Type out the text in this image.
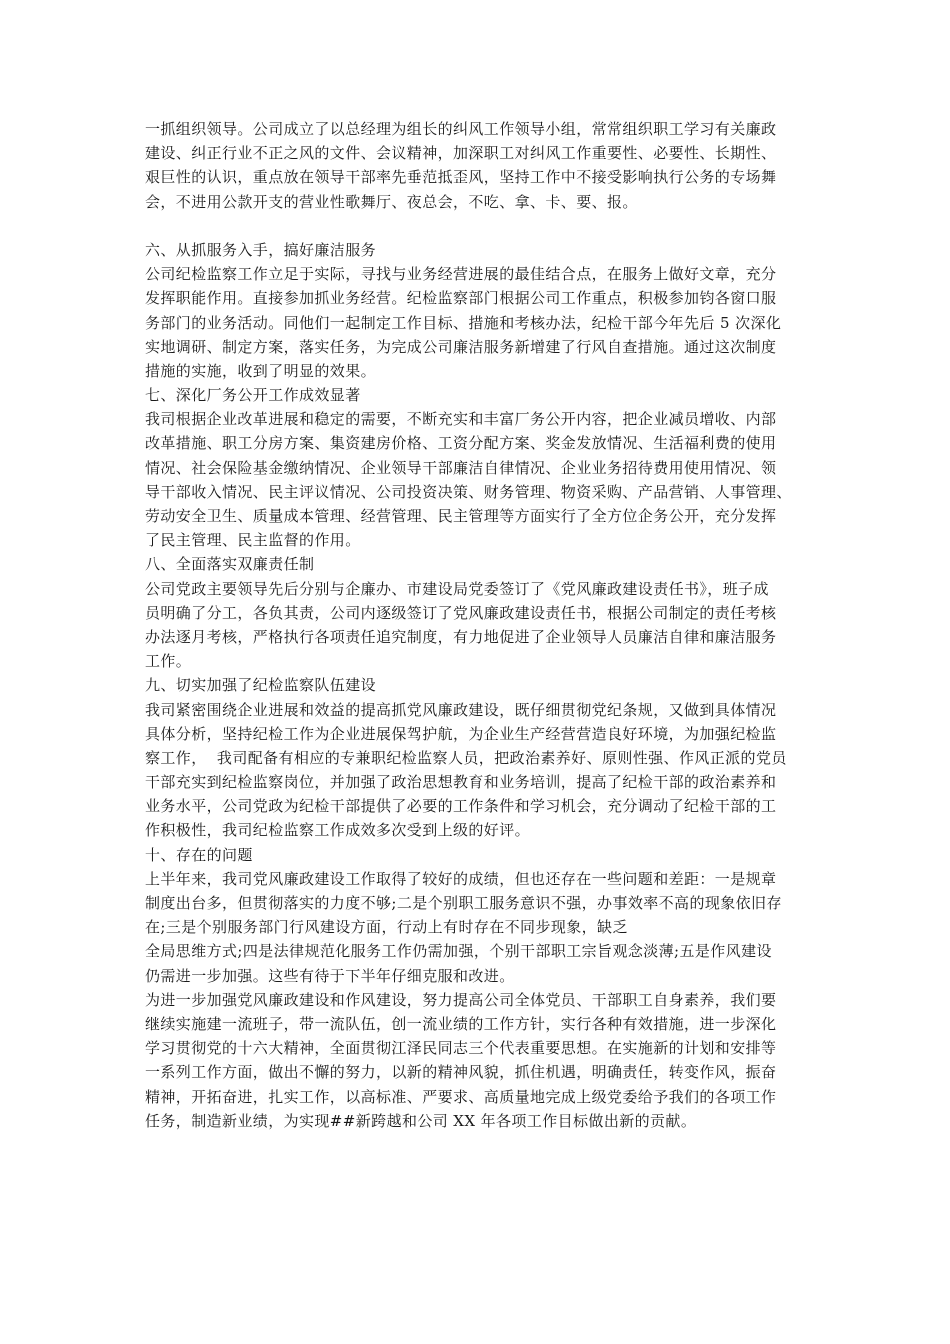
一抓组织领导。公司成立了以总经理为组长的纠风工作领导小组，常常组织职工学习有关廉政
建设、纠正行业不正之风的文件、会议精神，加深职工对纠风工作重要性、必要性、长期性、
艰巨性的认识，重点放在领导干部率先垂范抵歪风，坚持工作中不接受影响执行公务的专场舞
会，不进用公款开支的营业性歌舞厅、夜总会，不吃、拿、卡、要、报。
六、从抓服务入手，搞好廉洁服务
公司纪检监察工作立足于实际，寻找与业务经营进展的最佳结合点，在服务上做好文章，充分
发挥职能作用。直接参加抓业务经营。纪检监察部门根据公司工作重点，积极参加钧各窗口服
务部门的业务活动。同他们一起制定工作目标、措施和考核办法，纪检干部今年先后 5 次深化
实地调研、制定方案，落实任务，为完成公司廉洁服务新增建了行风自查措施。通过这次制度
措施的实施，收到了明显的效果。
七、深化厂务公开工作成效显著
我司根据企业改革进展和稳定的需要，不断充实和丰富厂务公开内容，把企业减员增收、内部
改革措施、职工分房方案、集资建房价格、工资分配方案、奖金发放情况、生活福利费的使用
情况、社会保险基金缴纳情况、企业领导干部廉洁自律情况、企业业务招待费用使用情况、领
导干部收入情况、民主评议情况、公司投资决策、财务管理、物资采购、产品营销、人事管理、
劳动安全卫生、质量成本管理、经营管理、民主管理等方面实行了全方位企务公开，充分发挥
了民主管理、民主监督的作用。
八、全面落实双廉责任制
公司党政主要领导先后分别与企廉办、市建设局党委签订了《党风廉政建设责任书》，班子成
员明确了分工，各负其责，公司内逐级签订了党风廉政建设责任书，根据公司制定的责任考核
办法逐月考核，严格执行各项责任追究制度，有力地促进了企业领导人员廉洁自律和廉洁服务
工作。
九、切实加强了纪检监察队伍建设
我司紧密围绕企业进展和效益的提高抓党风廉政建设，既仔细贯彻党纪条规，又做到具体情况
具体分析，坚持纪检工作为企业进展保驾护航，为企业生产经营营造良好环境，为加强纪检监
察工作，  我司配备有相应的专兼职纪检监察人员，把政治素养好、原则性强、作风正派的党员
干部充实到纪检监察岗位，并加强了政治思想教育和业务培训，提高了纪检干部的政治素养和
业务水平，公司党政为纪检干部提供了必要的工作条件和学习机会，充分调动了纪检干部的工
作积极性，我司纪检监察工作成效多次受到上级的好评。
十、存在的问题
上半年来，我司党风廉政建设工作取得了较好的成绩，但也还存在一些问题和差距：一是规章
制度出台多，但贯彻落实的力度不够;二是个别职工服务意识不强，办事效率不高的现象依旧存
在;三是个别服务部门行风建设方面，行动上有时存在不同步现象，缺乏
全局思维方式;四是法律规范化服务工作仍需加强，个别干部职工宗旨观念淡薄;五是作风建设
仍需进一步加强。这些有待于下半年仔细克服和改进。
为进一步加强党风廉政建设和作风建设，努力提高公司全体党员、干部职工自身素养，我们要
继续实施建一流班子，带一流队伍，创一流业绩的工作方针，实行各种有效措施，进一步深化
学习贯彻党的十六大精神，全面贯彻江泽民同志三个代表重要思想。在实施新的计划和安排等
一系列工作方面，做出不懈的努力，以新的精神风貌，抓住机遇，明确责任，转变作风，振奋
精神，开拓奋进，扎实工作，以高标准、严要求、高质量地完成上级党委给予我们的各项工作
任务，制造新业绩，为实现##新跨越和公司 XX 年各项工作目标做出新的贡献。
